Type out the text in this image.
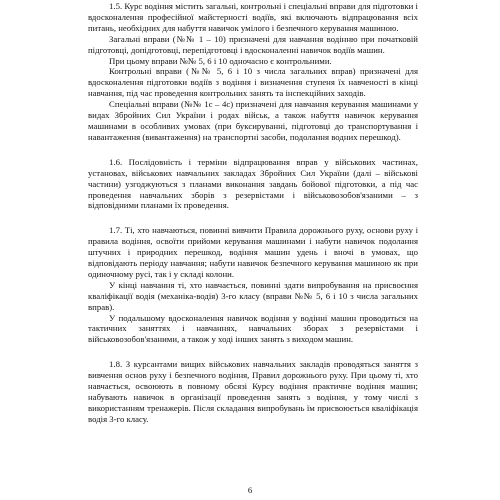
1.5. Курс водіння містить загальні, контрольні і спеціальні вправи для підготовки і вдосконалення професійної майстерності водіїв, які включають відпрацювання всіх питань, необхідних для набуття навичок умілого і безпечного керування машиною.

Загальні вправи (№№ 1 – 10) призначені для навчання водінню при початковій підготовці, допідготовці, перепідготовці і вдосконаленні навичок водіїв машин.

При цьому вправи №№ 5, 6 і 10 одночасно є контрольними.

Контрольні вправи (№№ 5, 6 і 10 з числа загальних вправ) призначені для вдосконалення підготовки водіїв з водіння і визначення ступеня їх навченості в кінці навчання, під час проведення контрольних занять та інспекційних заходів.

Спеціальні вправи (№№ 1с – 4с) призначені для навчання керування машинами у видах Збройних Сил України і родах військ, а також набуття навичок керування машинами в особливих умовах (при буксируванні, підготовці до транспортування і навантаження (вивантаження) на транспортні засоби, подолання водних перешкод).

1.6. Послідовність і терміни відпрацювання вправ у військових частинах, установах, військових навчальних закладах Збройних Сил України (далі – військові частини) узгоджуються з планами виконання завдань бойової підготовки, а під час проведення навчальних зборів з резервістами і військовозобов'язаними – з відповідними планами їх проведення.

1.7. Ті, хто навчаються, повинні вивчити Правила дорожнього руху, основи руху і правила водіння, освоїти прийоми керування машинами і набути навичок подолання штучних і природних перешкод, водіння машин удень і вночі в умовах, що відповідають періоду навчання; набути навичок безпечного керування машиною як при одиночному русі, так і у складі колони.

У кінці навчання ті, хто навчається, повинні здати випробування на присвоєння кваліфікації водія (механіка-водія) 3-го класу (вправи №№ 5, 6 і 10 з числа загальних вправ).

У подальшому вдосконалення навичок водіння у водінні машин проводиться на тактичних заняттях і навчаннях, навчальних зборах з резервістами і військовозобов'язаними, а також у ході інших занять з виходом машин.

1.8. З курсантами вищих військових навчальних закладів проводяться заняття з вивчення основ руху і безпечного водіння, Правил дорожнього руху. При цьому ті, хто навчається, освоюють в повному обсязі Курсу водіння практичне водіння машин; набувають навичок в організації проведення занять з водіння, у тому числі з використанням тренажерів. Після складання випробувань їм присвоюється кваліфікація водія 3-го класу.

6
